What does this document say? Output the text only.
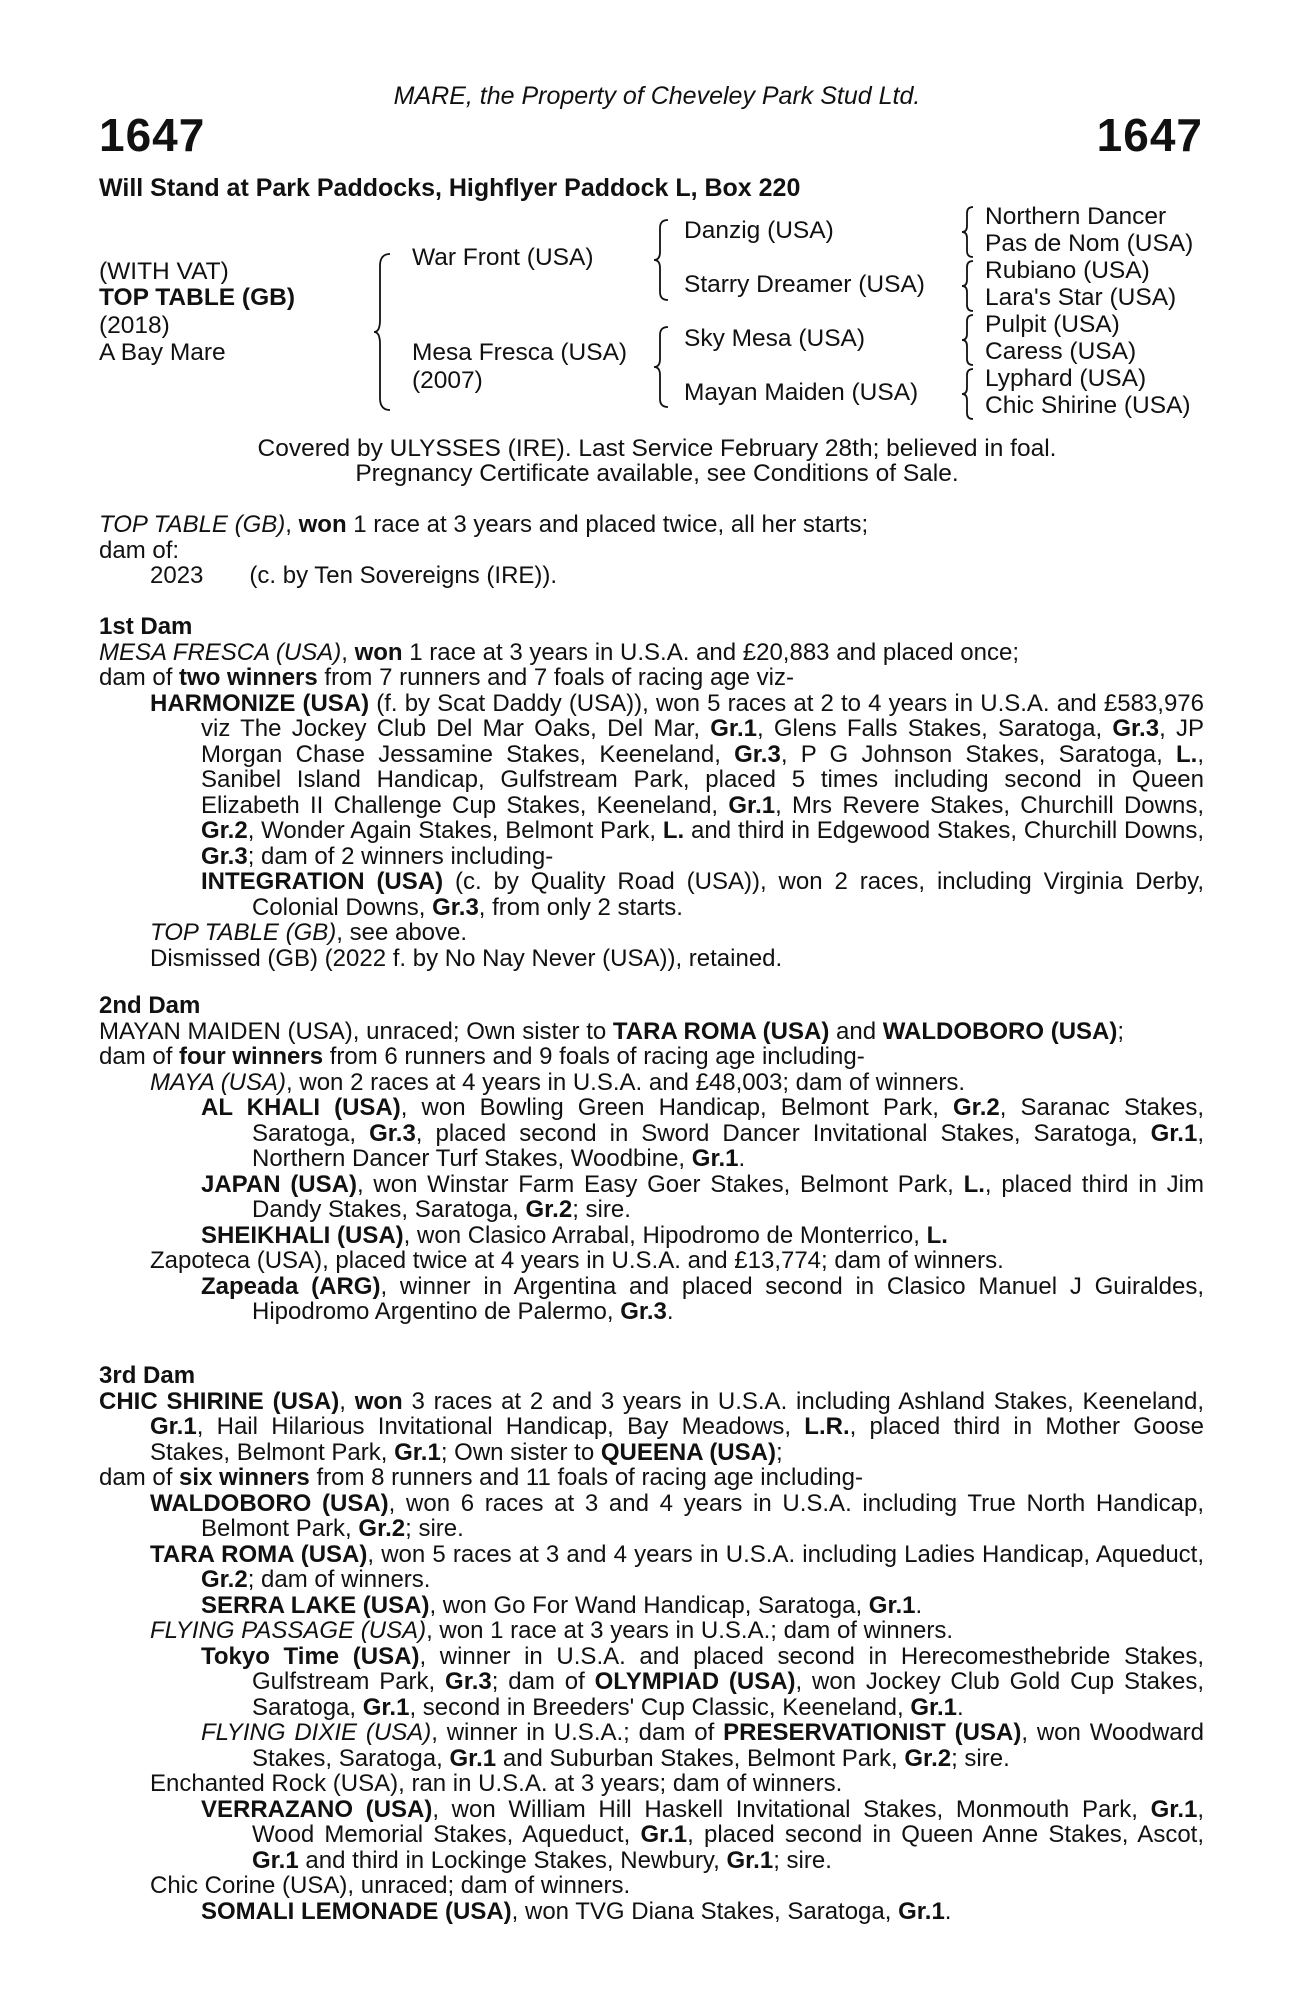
MARE, the Property of Cheveley Park Stud Ltd.
1647	1647
Will Stand at Park Paddocks, Highflyer Paddock L, Box 220
(WITH VAT)
TOP TABLE (GB)
(2018)
A Bay Mare
War Front (USA)
Mesa Fresca (USA)
(2007)
Danzig (USA)
Starry Dreamer (USA)
Sky Mesa (USA)
Mayan Maiden (USA)
Northern Dancer
Pas de Nom (USA)
Rubiano (USA)
Lara's Star (USA)
Pulpit (USA)
Caress (USA)
Lyphard (USA)
Chic Shirine (USA)
Covered by ULYSSES (IRE). Last Service February 28th; believed in foal.
Pregnancy Certificate available, see Conditions of Sale.

TOP TABLE (GB), won 1 race at 3 years and placed twice, all her starts;

dam of:

2023 (c. by Ten Sovereigns (IRE)).

1st Dam

MESA FRESCA (USA), won 1 race at 3 years in U.S.A. and £20,883 and placed once;

dam of two winners from 7 runners and 7 foals of racing age viz-

HARMONIZE (USA) (f. by Scat Daddy (USA)), won 5 races at 2 to 4 years in U.S.A. and £583,976 viz The Jockey Club Del Mar Oaks, Del Mar, Gr.1, Glens Falls Stakes, Saratoga, Gr.3, JP Morgan Chase Jessamine Stakes, Keeneland, Gr.3, P G Johnson Stakes, Saratoga, L., Sanibel Island Handicap, Gulfstream Park, placed 5 times including second in Queen Elizabeth II Challenge Cup Stakes, Keeneland, Gr.1, Mrs Revere Stakes, Churchill Downs, Gr.2, Wonder Again Stakes, Belmont Park, L. and third in Edgewood Stakes, Churchill Downs, Gr.3; dam of 2 winners including-

INTEGRATION (USA) (c. by Quality Road (USA)), won 2 races, including Virginia Derby, Colonial Downs, Gr.3, from only 2 starts.

TOP TABLE (GB), see above.

Dismissed (GB) (2022 f. by No Nay Never (USA)), retained.

2nd Dam

MAYAN MAIDEN (USA), unraced; Own sister to TARA ROMA (USA) and WALDOBORO (USA);

dam of four winners from 6 runners and 9 foals of racing age including-

MAYA (USA), won 2 races at 4 years in U.S.A. and £48,003; dam of winners.

AL KHALI (USA), won Bowling Green Handicap, Belmont Park, Gr.2, Saranac Stakes, Saratoga, Gr.3, placed second in Sword Dancer Invitational Stakes, Saratoga, Gr.1, Northern Dancer Turf Stakes, Woodbine, Gr.1.

JAPAN (USA), won Winstar Farm Easy Goer Stakes, Belmont Park, L., placed third in Jim Dandy Stakes, Saratoga, Gr.2; sire.

SHEIKHALI (USA), won Clasico Arrabal, Hipodromo de Monterrico, L.

Zapoteca (USA), placed twice at 4 years in U.S.A. and £13,774; dam of winners.

Zapeada (ARG), winner in Argentina and placed second in Clasico Manuel J Guiraldes, Hipodromo Argentino de Palermo, Gr.3.

3rd Dam

CHIC SHIRINE (USA), won 3 races at 2 and 3 years in U.S.A. including Ashland Stakes, Keeneland, Gr.1, Hail Hilarious Invitational Handicap, Bay Meadows, L.R., placed third in Mother Goose Stakes, Belmont Park, Gr.1; Own sister to QUEENA (USA);

dam of six winners from 8 runners and 11 foals of racing age including-

WALDOBORO (USA), won 6 races at 3 and 4 years in U.S.A. including True North Handicap, Belmont Park, Gr.2; sire.

TARA ROMA (USA), won 5 races at 3 and 4 years in U.S.A. including Ladies Handicap, Aqueduct, Gr.2; dam of winners.

SERRA LAKE (USA), won Go For Wand Handicap, Saratoga, Gr.1.

FLYING PASSAGE (USA), won 1 race at 3 years in U.S.A.; dam of winners.

Tokyo Time (USA), winner in U.S.A. and placed second in Herecomesthebride Stakes, Gulfstream Park, Gr.3; dam of OLYMPIAD (USA), won Jockey Club Gold Cup Stakes, Saratoga, Gr.1, second in Breeders' Cup Classic, Keeneland, Gr.1.

FLYING DIXIE (USA), winner in U.S.A.; dam of PRESERVATIONIST (USA), won Woodward Stakes, Saratoga, Gr.1 and Suburban Stakes, Belmont Park, Gr.2; sire.

Enchanted Rock (USA), ran in U.S.A. at 3 years; dam of winners.

VERRAZANO (USA), won William Hill Haskell Invitational Stakes, Monmouth Park, Gr.1, Wood Memorial Stakes, Aqueduct, Gr.1, placed second in Queen Anne Stakes, Ascot, Gr.1 and third in Lockinge Stakes, Newbury, Gr.1; sire.

Chic Corine (USA), unraced; dam of winners.

SOMALI LEMONADE (USA), won TVG Diana Stakes, Saratoga, Gr.1.
